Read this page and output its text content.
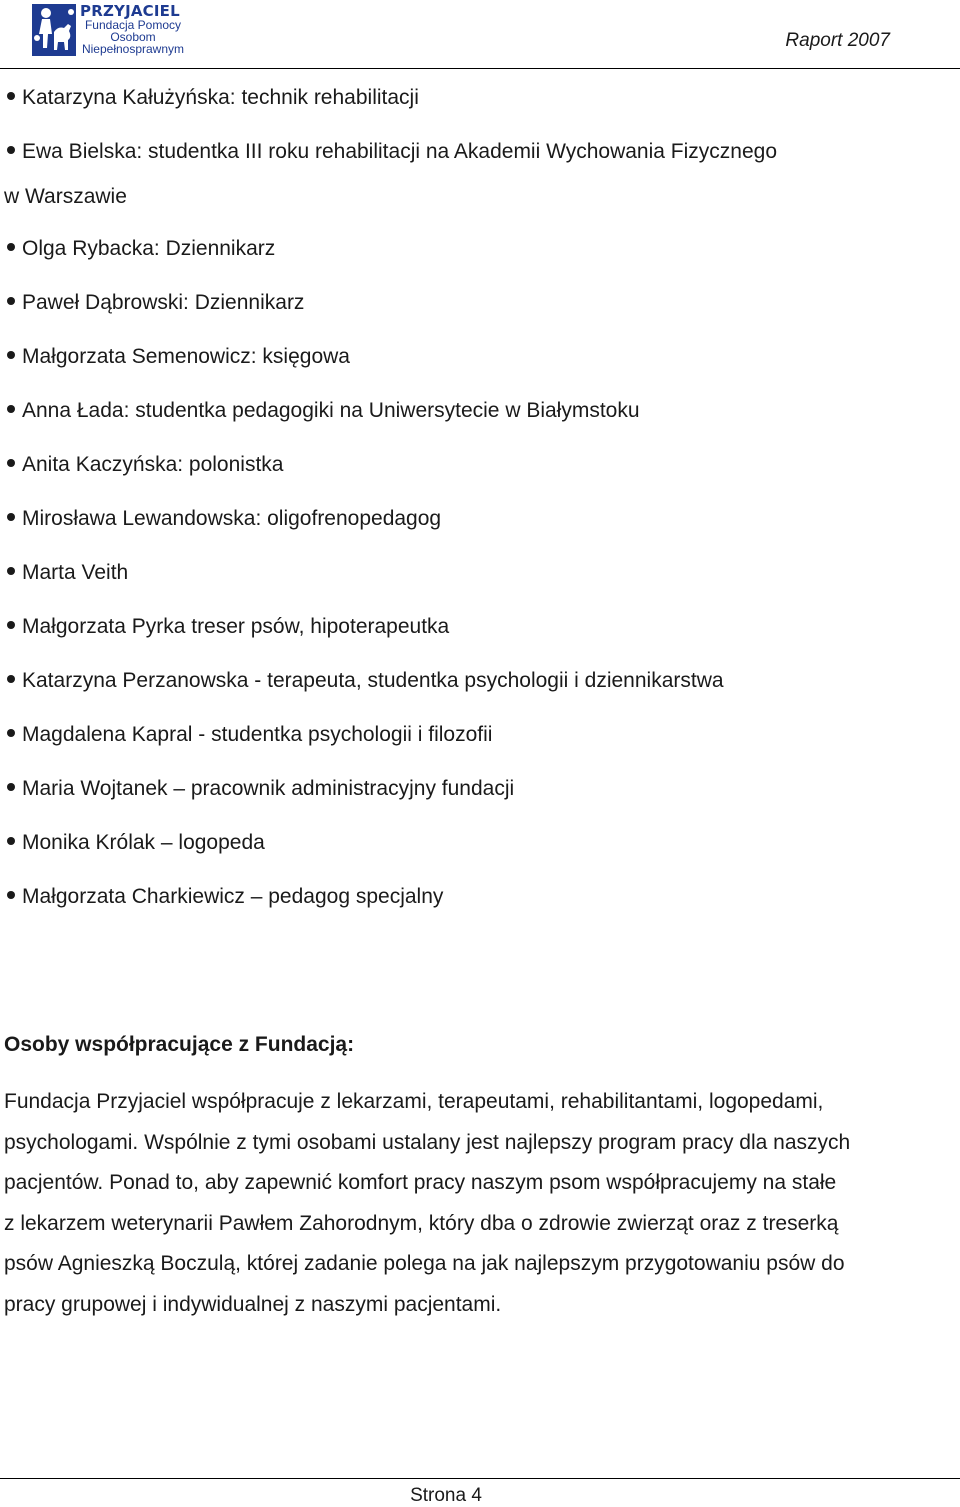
PRZYJACIEL
Fundacja Pomocy
Osobom
Niepełnosprawnym	Raport 2007
Katarzyna Kałużyńska: technik rehabilitacji
Ewa Bielska: studentka III roku rehabilitacji na Akademii Wychowania Fizycznego
w Warszawie
Olga Rybacka: Dziennikarz
Paweł Dąbrowski: Dziennikarz
Małgorzata Semenowicz: księgowa
Anna Łada: studentka pedagogiki na Uniwersytecie w Białymstoku
Anita Kaczyńska: polonistka
Mirosława Lewandowska: oligofrenopedagog
Marta Veith
Małgorzata Pyrka treser psów, hipoterapeutka
Katarzyna Perzanowska - terapeuta, studentka psychologii i dziennikarstwa
Magdalena Kapral - studentka psychologii i filozofii
Maria Wojtanek – pracownik administracyjny fundacji
Monika Królak – logopeda
Małgorzata Charkiewicz – pedagog specjalny
Osoby współpracujące z Fundacją:
Fundacja Przyjaciel współpracuje z lekarzami, terapeutami, rehabilitantami, logopedami,
psychologami. Wspólnie z tymi osobami ustalany jest najlepszy program pracy dla naszych
pacjentów. Ponad to, aby zapewnić komfort pracy naszym psom współpracujemy na stałe
z lekarzem weterynarii Pawłem Zahorodnym, który dba o zdrowie zwierząt oraz z treserką
psów Agnieszką Boczulą, której zadanie polega na jak najlepszym przygotowaniu psów do
pracy grupowej i indywidualnej z naszymi pacjentami.
Strona 4
